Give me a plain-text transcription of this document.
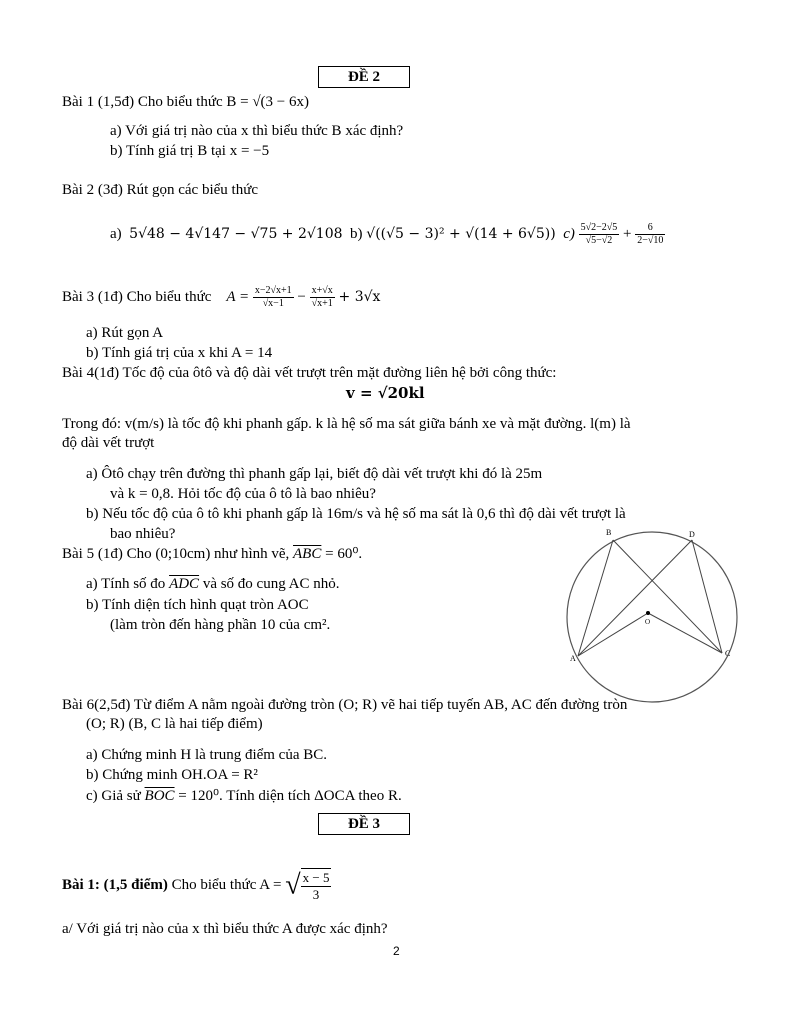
ĐỀ 2
Bài 1 (1,5đ) Cho biểu thức B = √(3 − 6x)
a) Với giá trị nào của x thì biểu thức B xác định?
b) Tính giá trị B tại x = −5
Bài 2 (3đ) Rút gọn các biểu thức
a) 5√48 − 4√147 − √75 + 2√108 b) √((√5 − 3)² + √(14 + 6√5)) $c) \frac{5√2-2√5}{√5-√2} + \frac{6}{2-√10}$
Bài 3 (1đ) Cho biểu thức $A = \frac{x-2√x+1}{√x-1} - \frac{x+√x}{√x+1} + 3√x$
a) Rút gọn A
b) Tính giá trị của x khi A = 14
Bài 4(1đ) Tốc độ của ôtô và độ dài vết trượt trên mặt đường liên hệ bởi công thức:
v = √20kl
Trong đó: v(m/s) là tốc độ khi phanh gấp. k là hệ số ma sát giữa bánh xe và mặt đường. l(m) là
độ dài vết trượt
a) Ôtô chạy trên đường thì phanh gấp lại, biết độ dài vết trượt khi đó là 25m
và k = 0,8. Hỏi tốc độ của ô tô là bao nhiêu?
b) Nếu tốc độ của ô tô khi phanh gấp là 16m/s và hệ số ma sát là 0,6 thì độ dài vết trượt là
bao nhiêu?
Bài 5 (1đ) Cho (0;10cm) như hình vẽ, $\overline{ABC} = 60^0$.
a) Tính số đo $\overline{ADC}$ và số đo cung AC nhỏ.
b) Tính diện tích hình quạt tròn AOC
(làm tròn đến hàng phần 10 của cm².
B	D
A
C
O
Bài 6(2,5đ) Từ điểm A nằm ngoài đường tròn (O; R) vẽ hai tiếp tuyến AB, AC đến đường tròn
(O; R) (B, C là hai tiếp điểm)
a) Chứng minh H là trung điểm của BC.
b) Chứng minh OH.OA = R²
c) Giả sử $\overline{BOC} = 120^0$. Tính diện tích ΔOCA theo R.
ĐỀ 3
Bài 1: (1,5 điểm) Cho biểu thức A = √ $\frac{x - 5}{3}$
a/ Với giá trị nào của x thì biểu thức A được xác định?
2
